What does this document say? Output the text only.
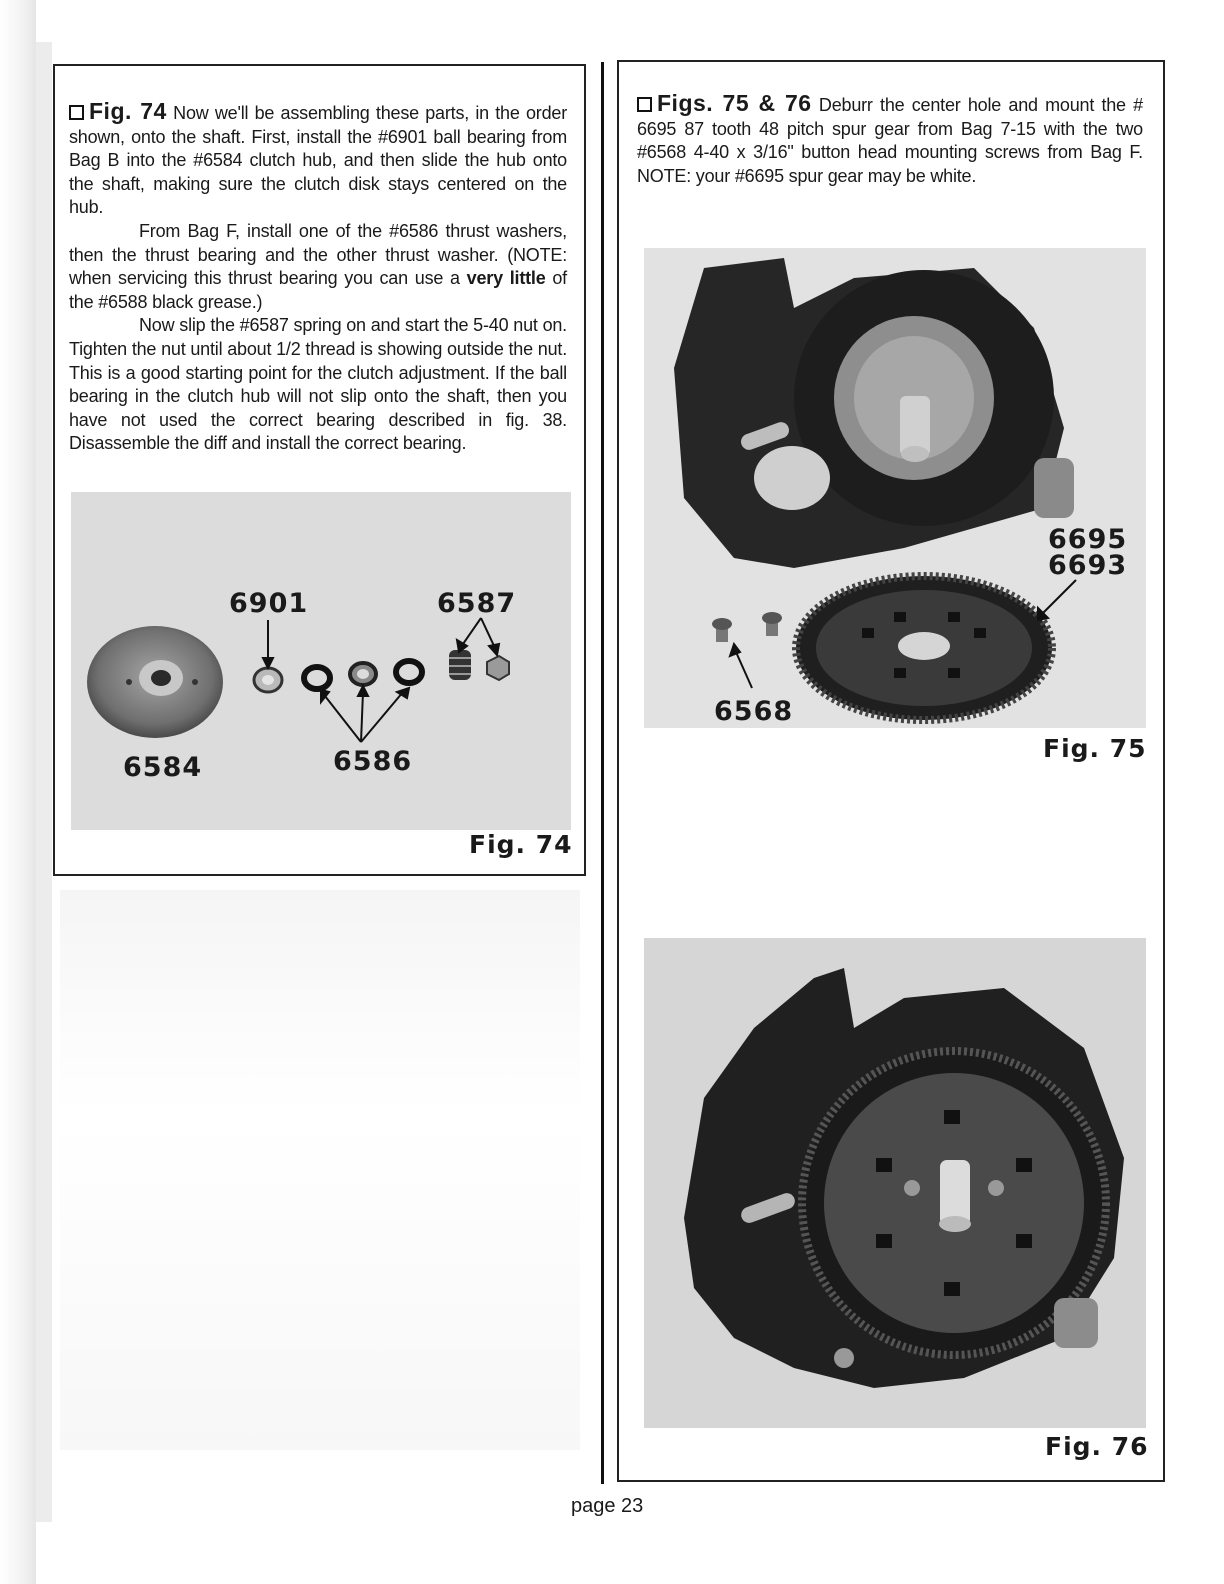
Fig. 74 Now we'll be assembling these parts, in the order shown, onto the shaft. First, install the #6901 ball bearing from Bag B into the #6584 clutch hub, and then slide the hub onto the shaft, making sure the clutch disk stays centered on the hub.

From Bag F, install one of the #6586 thrust washers, then the thrust bearing and the other thrust washer. (NOTE: when servicing this thrust bearing you can use a very little of the #6588 black grease.)

Now slip the #6587 spring on and start the 5-40 nut on. Tighten the nut until about 1/2 thread is showing outside the nut. This is a good starting point for the clutch adjustment. If the ball bearing in the clutch hub will not slip onto the shaft, then you have not used the correct bearing described in fig. 38. Disassemble the diff and install the correct bearing.

6901	6587
6584	6586
Fig. 74

Figs. 75 & 76 Deburr the center hole and mount the # 6695 87 tooth 48 pitch spur gear from Bag 7-15 with the two #6568 4-40 x 3/16" button head mounting screws from Bag F. NOTE: your #6695 spur gear may be white.

6695
6693
6568
Fig. 75
Fig. 76
page 23
